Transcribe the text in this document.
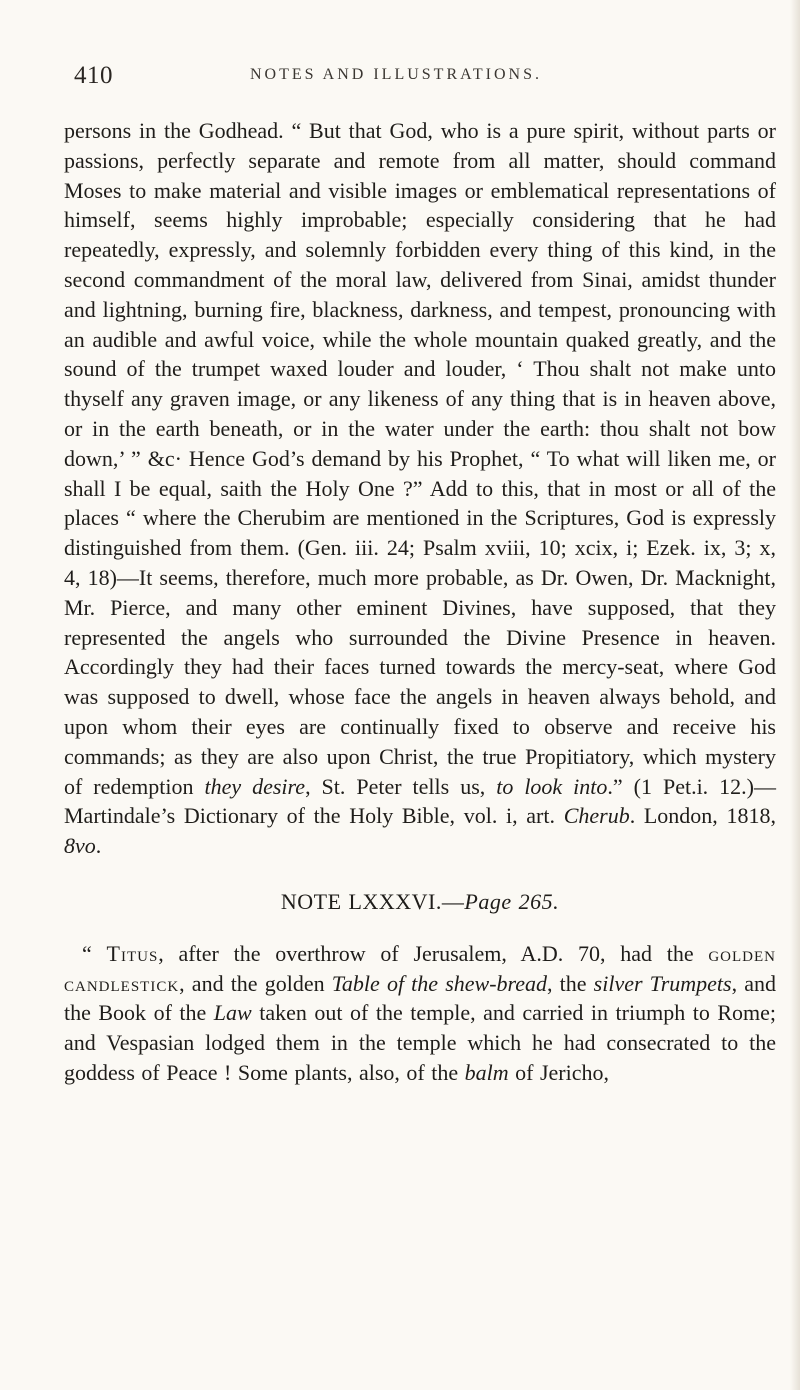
410	NOTES AND ILLUSTRATIONS.

persons in the Godhead. “ But that God, who is a pure spirit, without parts or passions, perfectly separate and remote from all matter, should command Moses to make material and visible images or emblematical representations of himself, seems highly improbable; especially considering that he had repeatedly, expressly, and solemnly forbidden every thing of this kind, in the second commandment of the moral law, delivered from Sinai, amidst thunder and lightning, burning fire, blackness, darkness, and tempest, pronouncing with an audible and awful voice, while the whole mountain quaked greatly, and the sound of the trumpet waxed louder and louder, ‘ Thou shalt not make unto thyself any graven image, or any likeness of any thing that is in heaven above, or in the earth beneath, or in the water under the earth: thou shalt not bow down,’ ” &c· Hence God’s demand by his Prophet, “ To what will liken me, or shall I be equal, saith the Holy One ?” Add to this, that in most or all of the places “ where the Cherubim are mentioned in the Scriptures, God is expressly distinguished from them. (Gen. iii. 24; Psalm xviii, 10; xcix, i; Ezek. ix, 3; x, 4, 18)—It seems, therefore, much more probable, as Dr. Owen, Dr. Macknight, Mr. Pierce, and many other eminent Divines, have supposed, that they represented the angels who surrounded the Divine Presence in heaven. Accordingly they had their faces turned towards the mercy-seat, where God was supposed to dwell, whose face the angels in heaven always behold, and upon whom their eyes are continually fixed to observe and receive his commands; as they are also upon Christ, the true Propitiatory, which mystery of redemption they desire, St. Peter tells us, to look into.” (1 Pet.i. 12.)—Martindale’s Dictionary of the Holy Bible, vol. i, art. Cherub. London, 1818, 8vo.

NOTE LXXXVI.—Page 265.

“ Titus, after the overthrow of Jerusalem, A.D. 70, had the golden candlestick, and the golden Table of the shew-bread, the silver Trumpets, and the Book of the Law taken out of the temple, and carried in triumph to Rome; and Vespasian lodged them in the temple which he had consecrated to the goddess of Peace ! Some plants, also, of the balm of Jericho,
